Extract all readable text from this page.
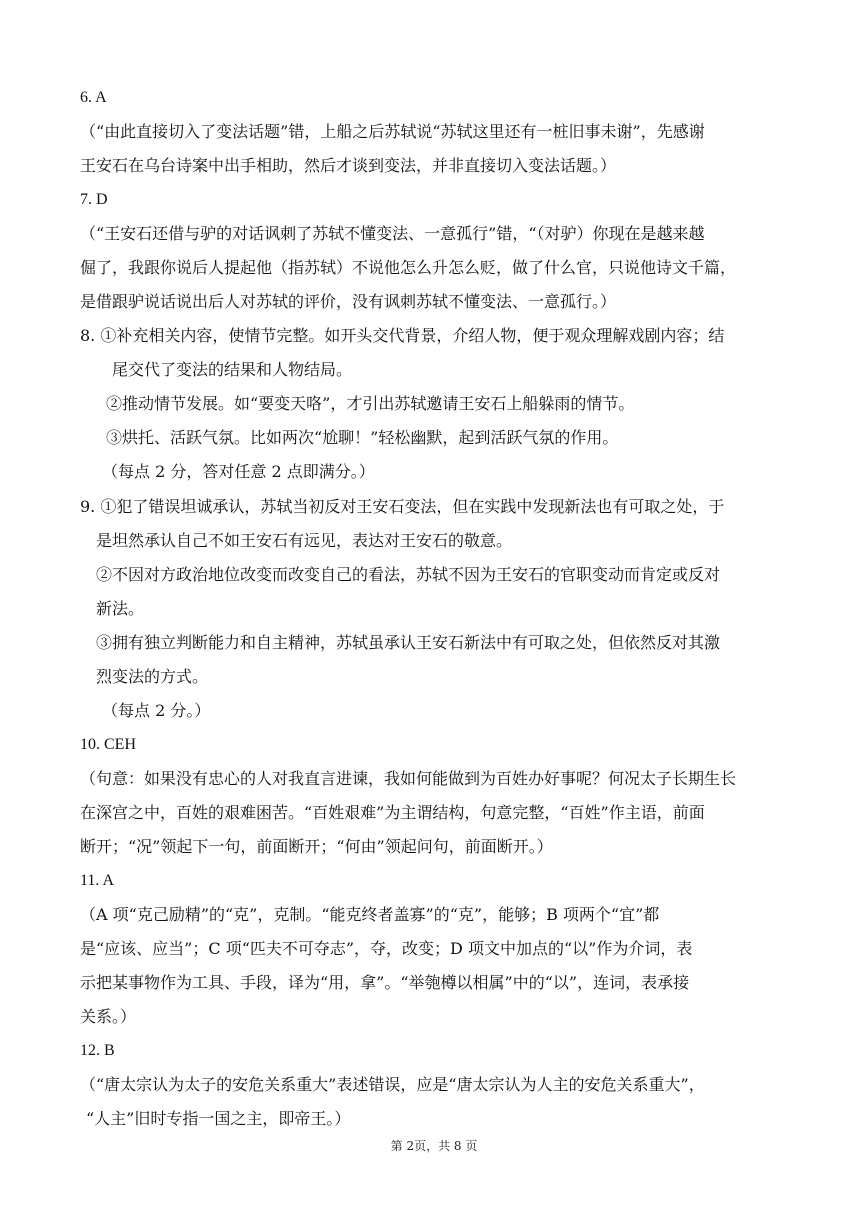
6. A
（“由此直接切入了变法话题”错，上船之后苏轼说“苏轼这里还有一桩旧事未谢”，先感谢
王安石在乌台诗案中出手相助，然后才谈到变法，并非直接切入变法话题。）
7. D
（“王安石还借与驴的对话讽刺了苏轼不懂变法、一意孤行”错，“（对驴）你现在是越来越
倔了，我跟你说后人提起他（指苏轼）不说他怎么升怎么贬，做了什么官，只说他诗文千篇，
是借跟驴说话说出后人对苏轼的评价，没有讽刺苏轼不懂变法、一意孤行。）
8. ①补充相关内容，使情节完整。如开头交代背景，介绍人物，便于观众理解戏剧内容；结
尾交代了变法的结果和人物结局。
②推动情节发展。如“要变天咯”，才引出苏轼邀请王安石上船躲雨的情节。
③烘托、活跃气氛。比如两次“尬聊！”轻松幽默，起到活跃气氛的作用。
（每点 2 分，答对任意 2 点即满分。）
9. ①犯了错误坦诚承认，苏轼当初反对王安石变法，但在实践中发现新法也有可取之处，于
是坦然承认自己不如王安石有远见，表达对王安石的敬意。
②不因对方政治地位改变而改变自己的看法，苏轼不因为王安石的官职变动而肯定或反对
新法。
③拥有独立判断能力和自主精神，苏轼虽承认王安石新法中有可取之处，但依然反对其激
烈变法的方式。
（每点 2 分。）
10. CEH
（句意：如果没有忠心的人对我直言进谏，我如何能做到为百姓办好事呢？何况太子长期生长
在深宫之中，百姓的艰难困苦。“百姓艰难”为主谓结构，句意完整，“百姓”作主语，前面
断开；“况”领起下一句，前面断开；“何由”领起问句，前面断开。）
11. A
（A 项“克己励精”的“克”，克制。“能克终者盖寡”的“克”，能够；B 项两个“宜”都
是“应该、应当”；C 项“匹夫不可夺志”，夺，改变；D 项文中加点的“以”作为介词，表
示把某事物作为工具、手段，译为“用，拿”。“举匏樽以相属”中的“以”，连词，表承接
关系。）
12. B
（“唐太宗认为太子的安危关系重大”表述错误，应是“唐太宗认为人主的安危关系重大”，
“人主”旧时专指一国之主，即帝王。）
第 2页，共 8 页
